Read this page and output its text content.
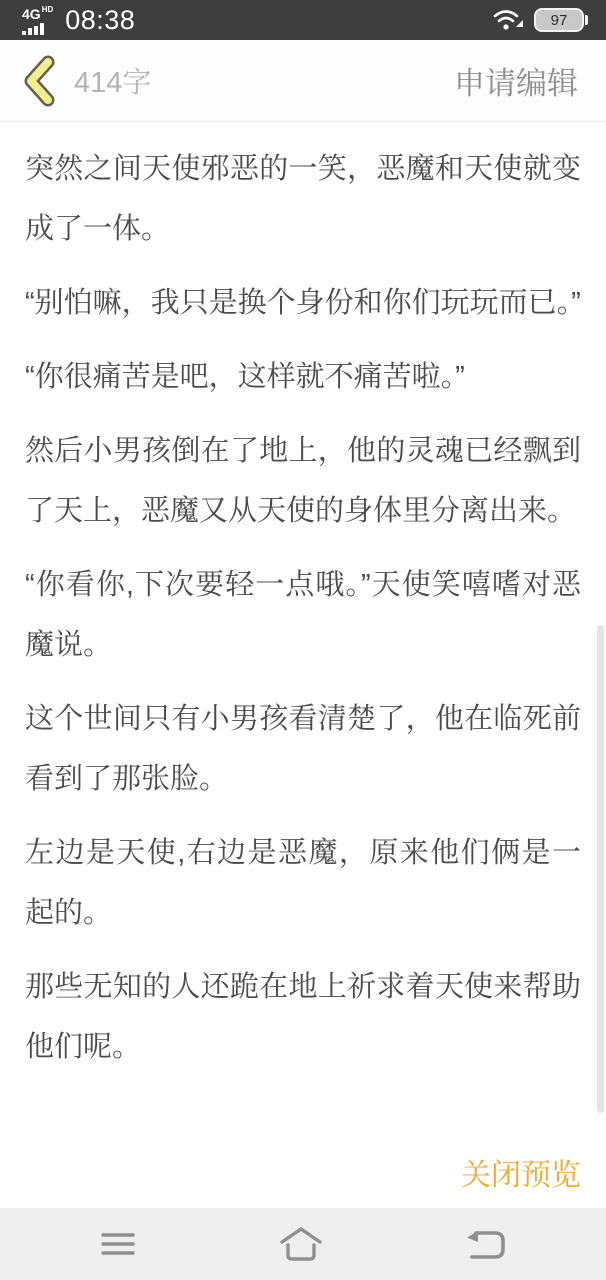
4G HD 08:38	97
414字	申请编辑

突然之间天使邪恶的一笑，恶魔和天使就变成了一体。

“别怕嘛，我只是换个身份和你们玩玩而已。”

“你很痛苦是吧，这样就不痛苦啦。”

然后小男孩倒在了地上，他的灵魂已经飘到了天上，恶魔又从天使的身体里分离出来。

“你看你,下次要轻一点哦。”天使笑嘻嗜对恶魔说。

这个世间只有小男孩看清楚了，他在临死前看到了那张脸。

左边是天使,右边是恶魔，原来他们俩是一起的。

那些无知的人还跪在地上祈求着天使来帮助他们呢。

关闭预览
